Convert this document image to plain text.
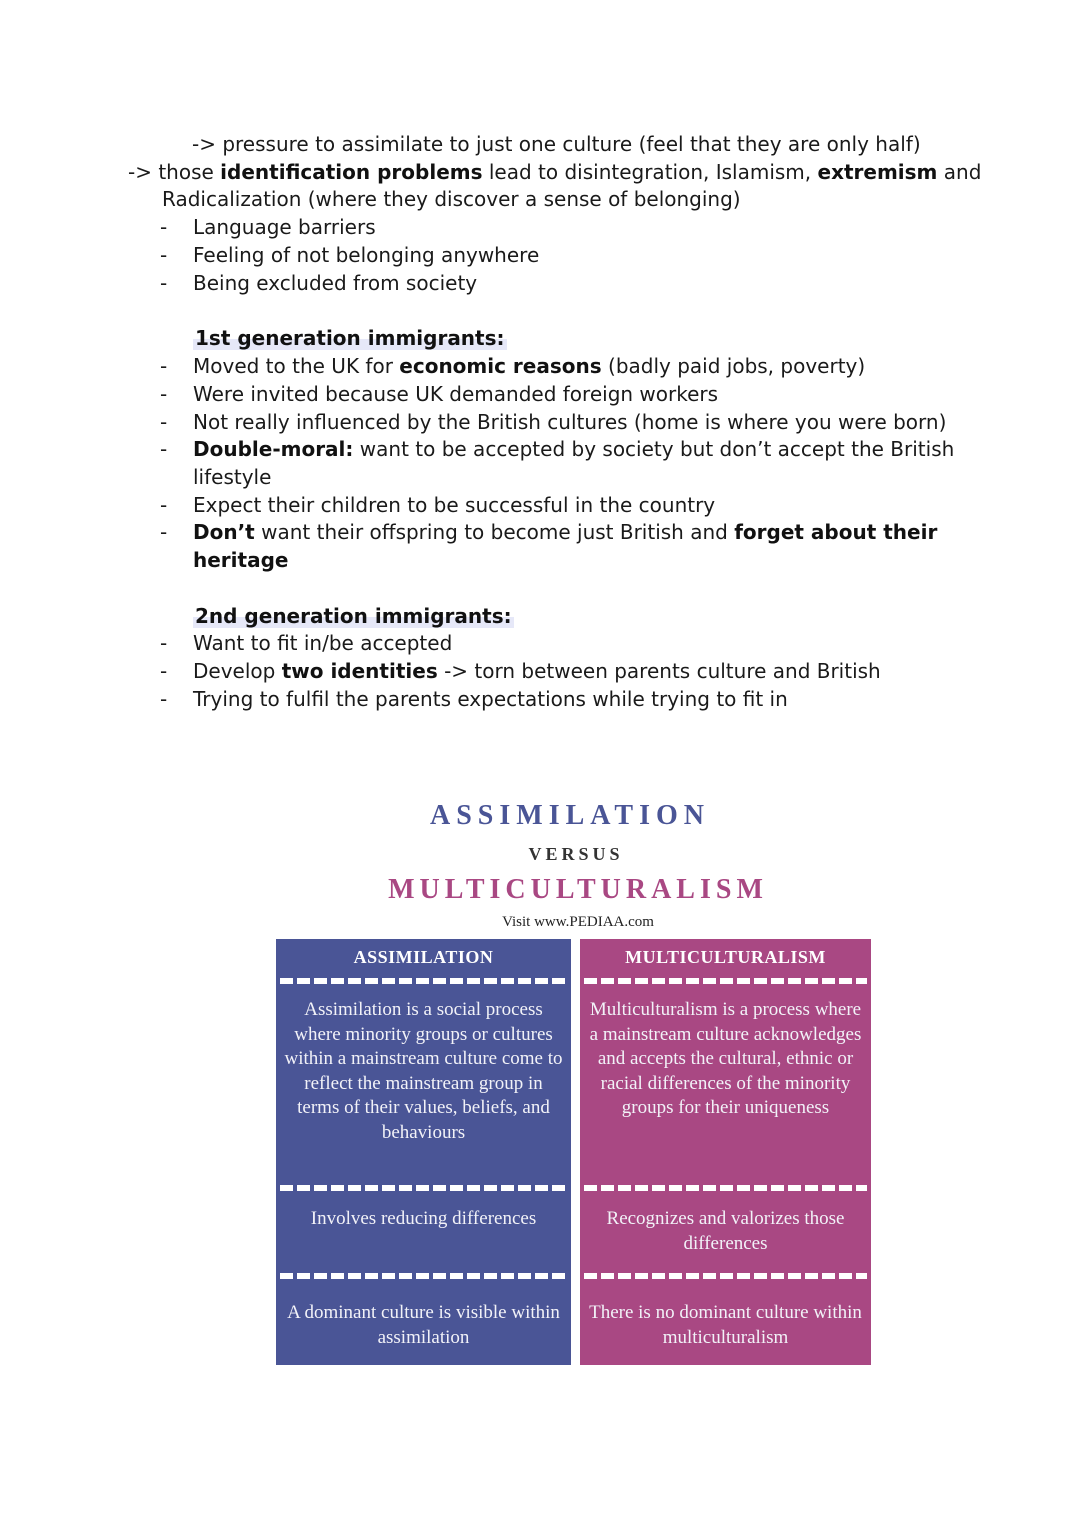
-> pressure to assimilate to just one culture (feel that they are only half)
-> those identification problems lead to disintegration, Islamism, extremism and
Radicalization (where they discover a sense of belonging)
- Language barriers
- Feeling of not belonging anywhere
- Being excluded from society
1st generation immigrants:
- Moved to the UK for economic reasons (badly paid jobs, poverty)
- Were invited because UK demanded foreign workers
- Not really influenced by the British cultures (home is where you were born)
- Double-moral: want to be accepted by society but don’t accept the British
lifestyle
- Expect their children to be successful in the country
- Don’t want their offspring to become just British and forget about their
heritage
2nd generation immigrants:
- Want to fit in/be accepted
- Develop two identities -> torn between parents culture and British
- Trying to fulfil the parents expectations while trying to fit in
ASSIMILATION
VERSUS
MULTICULTURALISM
Visit www.PEDIAA.com
ASSIMILATION
Assimilation is a social process where minority groups or cultures within a mainstream culture come to reflect the mainstream group in terms of their values, beliefs, and behaviours
Involves reducing differences
A dominant culture is visible within assimilation
MULTICULTURALISM
Multiculturalism is a process where a mainstream culture acknowledges and accepts the cultural, ethnic or racial differences of the minority groups for their uniqueness
Recognizes and valorizes those differences
There is no dominant culture within multiculturalism
